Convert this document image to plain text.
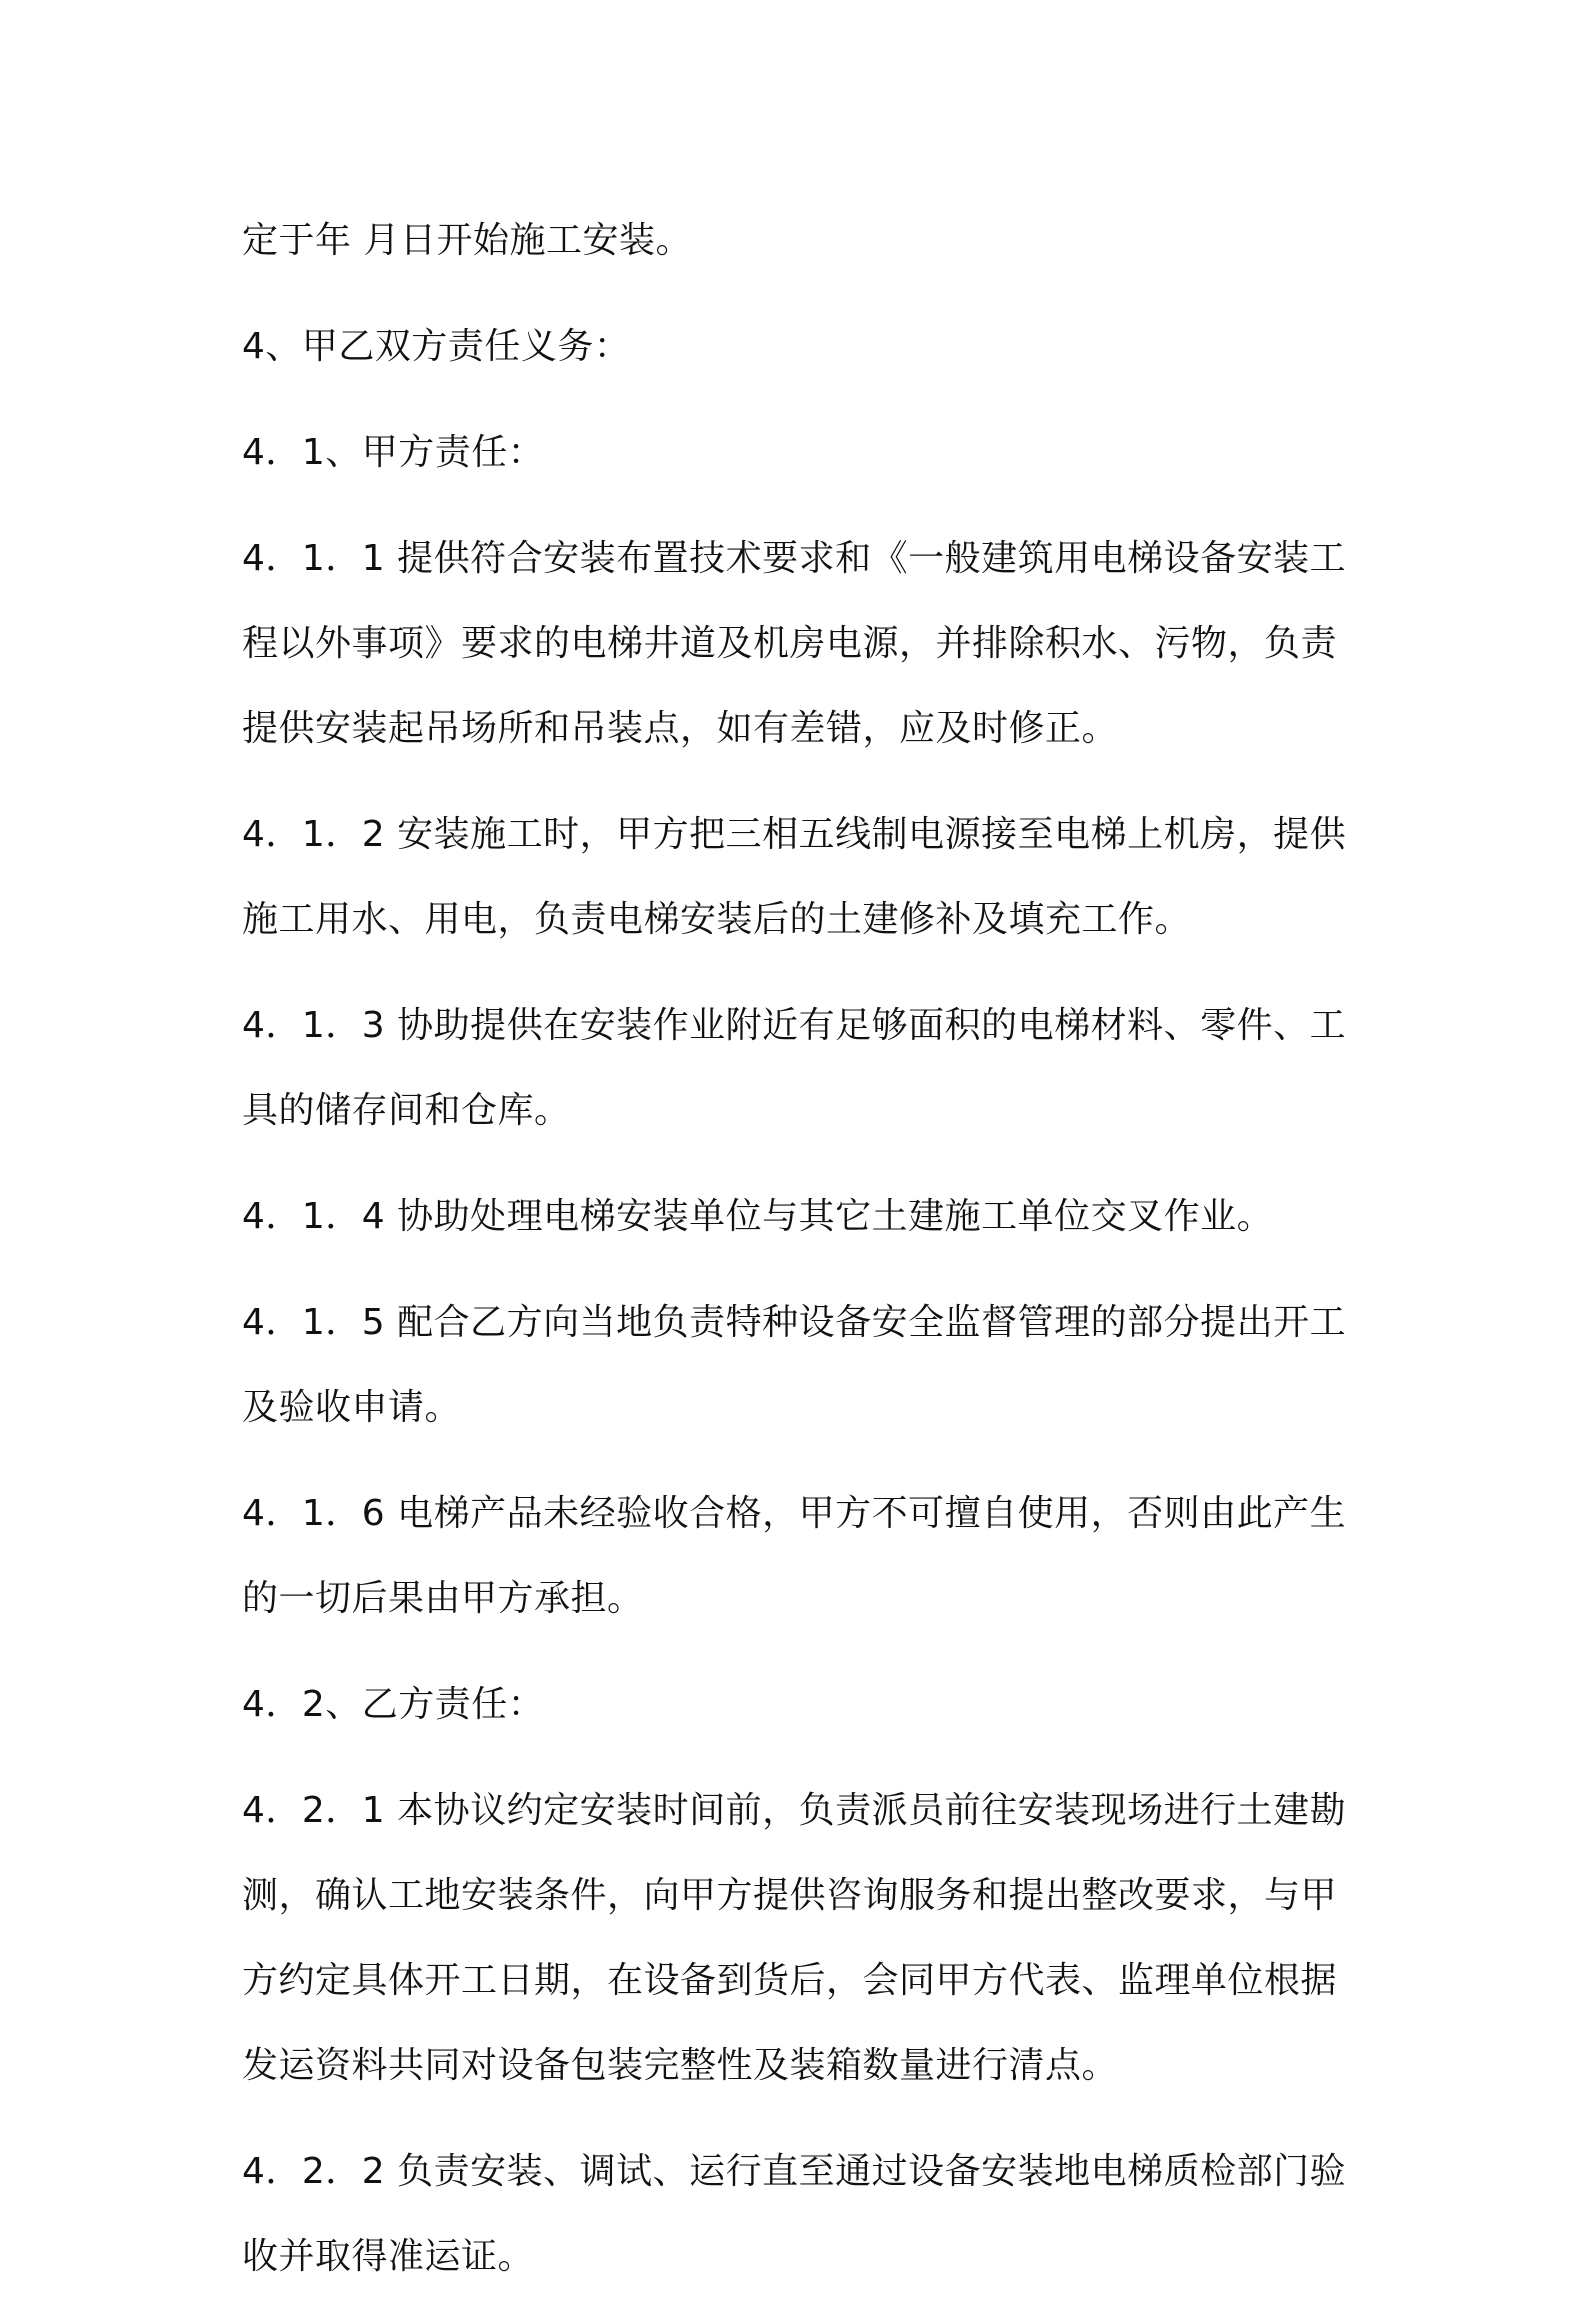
定于年 月日开始施工安装。

4、甲乙双方责任义务：

4．1、甲方责任：

4．1．1 提供符合安装布置技术要求和《一般建筑用电梯设备安装工程以外事项》要求的电梯井道及机房电源，并排除积水、污物，负责提供安装起吊场所和吊装点，如有差错，应及时修正。

4．1．2 安装施工时，甲方把三相五线制电源接至电梯上机房，提供施工用水、用电，负责电梯安装后的土建修补及填充工作。

4．1．3 协助提供在安装作业附近有足够面积的电梯材料、零件、工具的储存间和仓库。

4．1．4 协助处理电梯安装单位与其它土建施工单位交叉作业。

4．1．5 配合乙方向当地负责特种设备安全监督管理的部分提出开工及验收申请。

4．1．6 电梯产品未经验收合格，甲方不可擅自使用，否则由此产生的一切后果由甲方承担。

4．2、乙方责任：

4．2．1 本协议约定安装时间前，负责派员前往安装现场进行土建勘测，确认工地安装条件，向甲方提供咨询服务和提出整改要求，与甲方约定具体开工日期，在设备到货后，会同甲方代表、监理单位根据发运资料共同对设备包装完整性及装箱数量进行清点。

4．2．2 负责安装、调试、运行直至通过设备安装地电梯质检部门验收并取得准运证。
